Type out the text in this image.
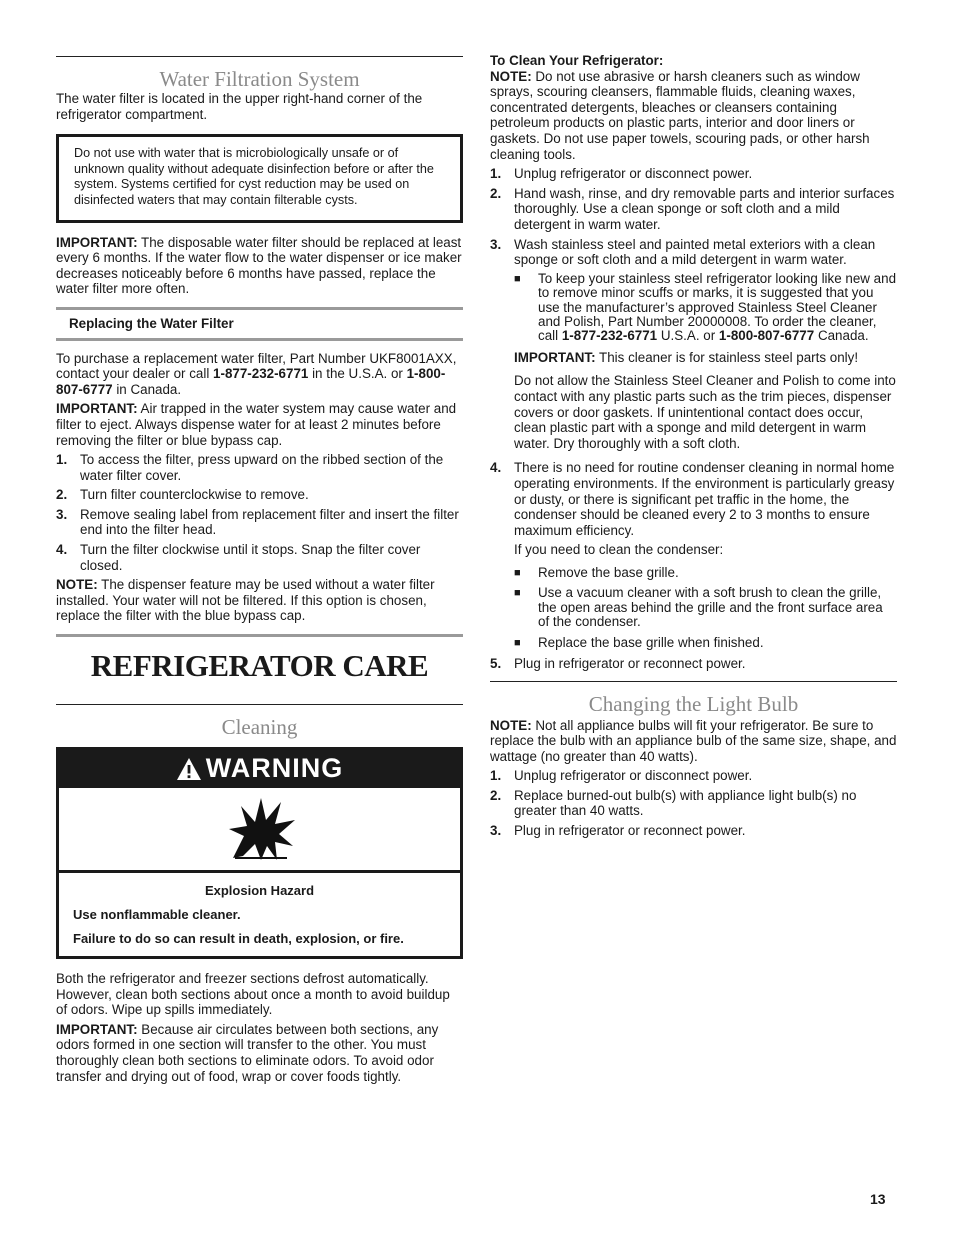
Water Filtration System

The water filter is located in the upper right-hand corner of the refrigerator compartment.

Do not use with water that is microbiologically unsafe or of unknown quality without adequate disinfection before or after the system. Systems certified for cyst reduction may be used on disinfected waters that may contain filterable cysts.

IMPORTANT: The disposable water filter should be replaced at least every 6 months. If the water flow to the water dispenser or ice maker decreases noticeably before 6 months have passed, replace the water filter more often.

Replacing the Water Filter

To purchase a replacement water filter, Part Number UKF8001AXX, contact your dealer or call 1-877-232-6771 in the U.S.A. or 1-800-807-6777 in Canada.

IMPORTANT: Air trapped in the water system may cause water and filter to eject. Always dispense water for at least 2 minutes before removing the filter or blue bypass cap.

1. To access the filter, press upward on the ribbed section of the water filter cover.
2. Turn filter counterclockwise to remove.
3. Remove sealing label from replacement filter and insert the filter end into the filter head.
4. Turn the filter clockwise until it stops. Snap the filter cover closed.

NOTE: The dispenser feature may be used without a water filter installed. Your water will not be filtered. If this option is chosen, replace the filter with the blue bypass cap.

REFRIGERATOR CARE
Cleaning
WARNING

Explosion Hazard

Use nonflammable cleaner.

Failure to do so can result in death, explosion, or fire.

Both the refrigerator and freezer sections defrost automatically. However, clean both sections about once a month to avoid buildup of odors. Wipe up spills immediately.

IMPORTANT: Because air circulates between both sections, any odors formed in one section will transfer to the other. You must thoroughly clean both sections to eliminate odors. To avoid odor transfer and drying out of food, wrap or cover foods tightly.

To Clean Your Refrigerator:

NOTE: Do not use abrasive or harsh cleaners such as window sprays, scouring cleansers, flammable fluids, cleaning waxes, concentrated detergents, bleaches or cleansers containing petroleum products on plastic parts, interior and door liners or gaskets. Do not use paper towels, scouring pads, or other harsh cleaning tools.

1. Unplug refrigerator or disconnect power.
2. Hand wash, rinse, and dry removable parts and interior surfaces thoroughly. Use a clean sponge or soft cloth and a mild detergent in warm water.
3. Wash stainless steel and painted metal exteriors with a clean sponge or soft cloth and a mild detergent in warm water.
■ To keep your stainless steel refrigerator looking like new and to remove minor scuffs or marks, it is suggested that you use the manufacturer’s approved Stainless Steel Cleaner and Polish, Part Number 20000008. To order the cleaner, call 1-877-232-6771 U.S.A. or 1-800-807-6777 Canada.

IMPORTANT: This cleaner is for stainless steel parts only!

Do not allow the Stainless Steel Cleaner and Polish to come into contact with any plastic parts such as the trim pieces, dispenser covers or door gaskets. If unintentional contact does occur, clean plastic part with a sponge and mild detergent in warm water. Dry thoroughly with a soft cloth.

4. There is no need for routine condenser cleaning in normal home operating environments. If the environment is particularly greasy or dusty, or there is significant pet traffic in the home, the condenser should be cleaned every 2 to 3 months to ensure maximum efficiency.

If you need to clean the condenser:

■ Remove the base grille.
■ Use a vacuum cleaner with a soft brush to clean the grille, the open areas behind the grille and the front surface area of the condenser.
■ Replace the base grille when finished.
5. Plug in refrigerator or reconnect power.
Changing the Light Bulb

NOTE: Not all appliance bulbs will fit your refrigerator. Be sure to replace the bulb with an appliance bulb of the same size, shape, and wattage (no greater than 40 watts).

1. Unplug refrigerator or disconnect power.
2. Replace burned-out bulb(s) with appliance light bulb(s) no greater than 40 watts.
3. Plug in refrigerator or reconnect power.
13
